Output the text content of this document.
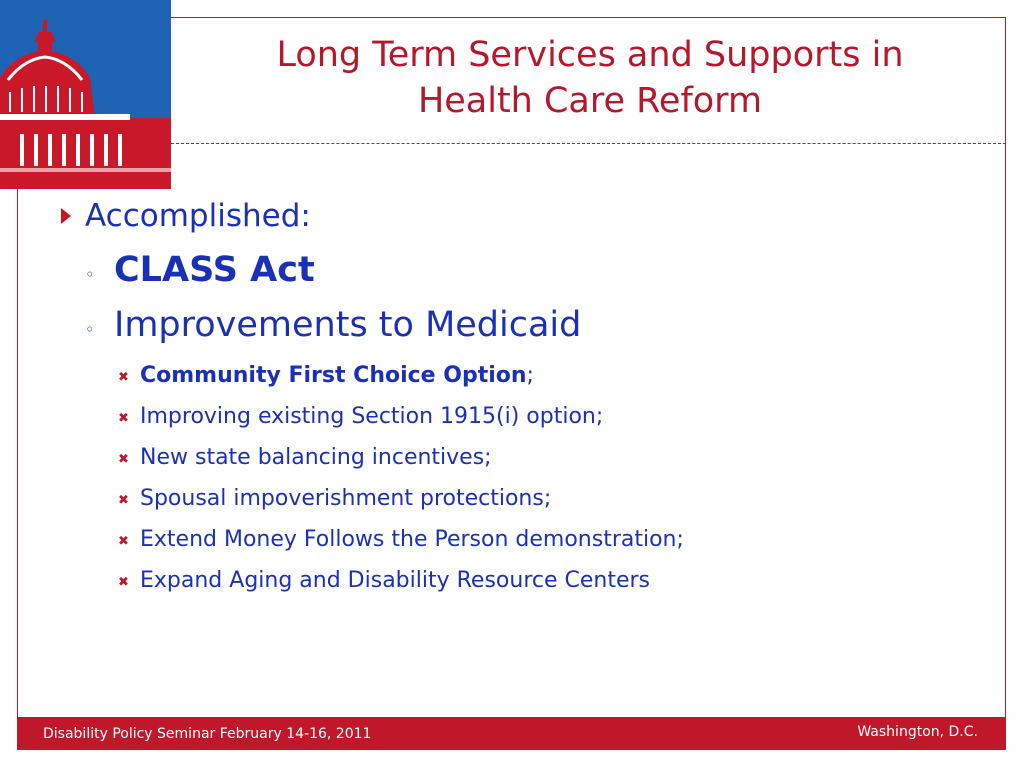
Long Term Services and Supports in
Health Care Reform
Accomplished:
◦ CLASS Act
◦ Improvements to Medicaid
✖ Community First Choice Option;
✖ Improving existing Section 1915(i) option;
✖ New state balancing incentives;
✖ Spousal impoverishment protections;
✖ Extend Money Follows the Person demonstration;
✖ Expand Aging and Disability Resource Centers
Disability Policy Seminar February 14-16, 2011	Washington, D.C.
